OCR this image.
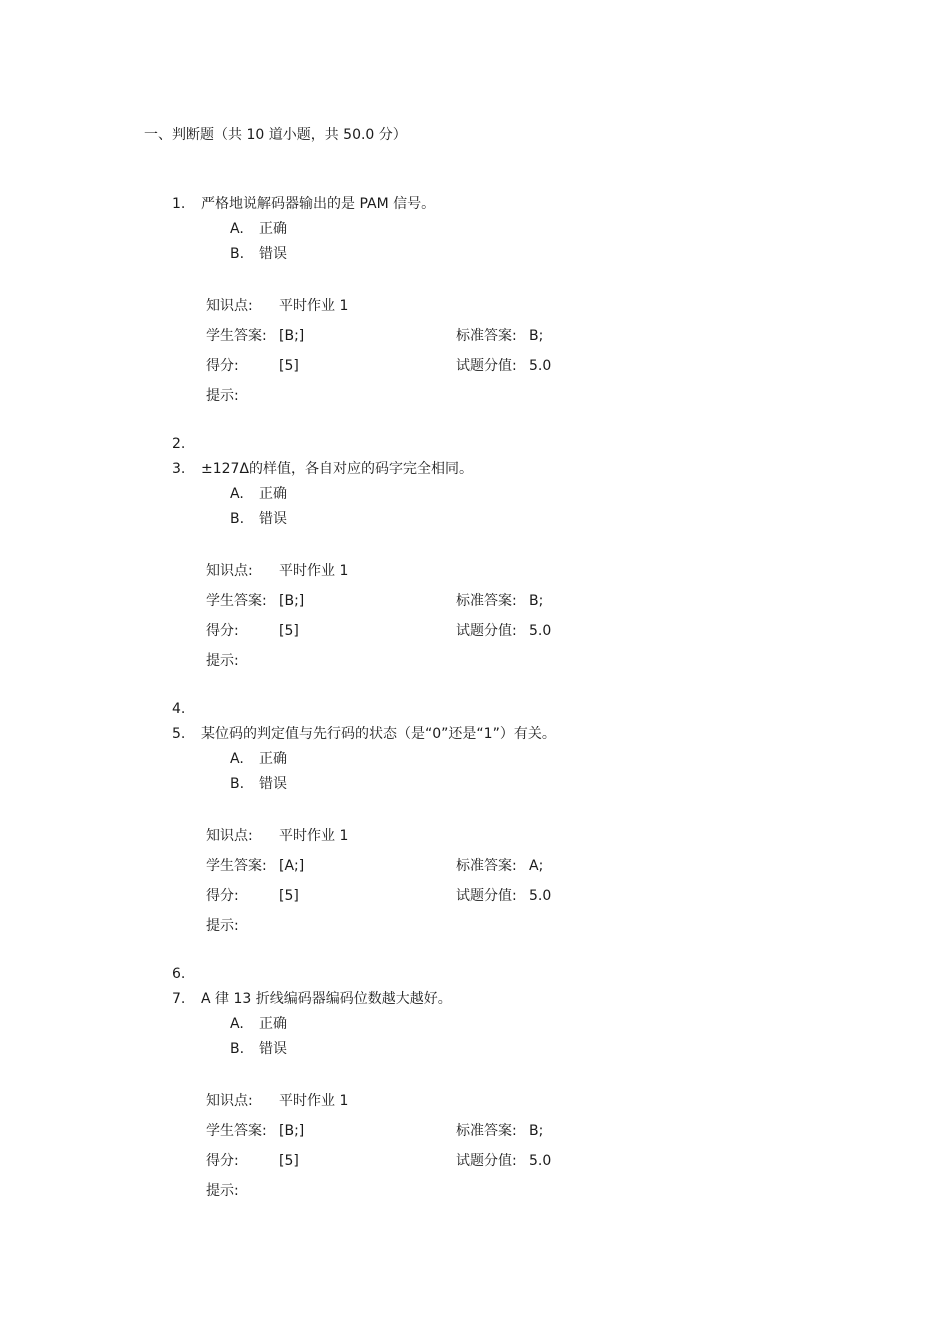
一、判断题（共 10 道小题，共 50.0 分）
1. 严格地说解码器输出的是 PAM 信号。
A. 正确
B. 错误
知识点: 平时作业 1
学生答案: [B;]	标准答案: B;
得分:	[5]	试题分值: 5.0
提示:
2.
3. ±127Δ的样值，各自对应的码字完全相同。
A. 正确
B. 错误
知识点: 平时作业 1
学生答案: [B;]	标准答案: B;
得分:	[5]	试题分值: 5.0
提示:
4.
5. 某位码的判定值与先行码的状态（是“0”还是“1”）有关。
A. 正确
B. 错误
知识点: 平时作业 1
学生答案: [A;]	标准答案: A;
得分:	[5]	试题分值: 5.0
提示:
6.
7. A 律 13 折线编码器编码位数越大越好。
A. 正确
B. 错误
知识点: 平时作业 1
学生答案: [B;]	标准答案: B;
得分:	[5]	试题分值: 5.0
提示:
